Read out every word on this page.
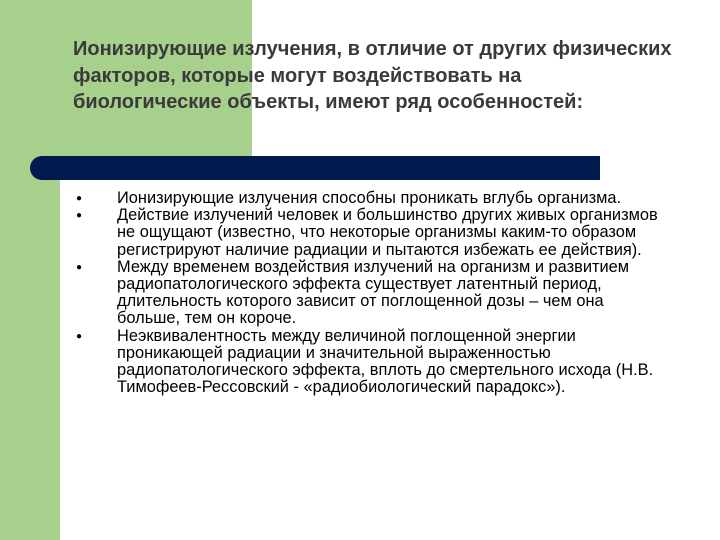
Ионизирующие излучения, в отличие от других физических факторов, которые могут воздействовать на биологические объекты, имеют ряд особенностей:
●
Ионизирующие излучения способны проникать вглубь организма.
●
Действие излучений человек и большинство других живых организмов не ощущают (известно, что некоторые организмы каким-то образом регистрируют наличие радиации и пытаются избежать ее действия).
●
Между временем воздействия излучений на организм и развитием радиопатологического эффекта существует латентный период, длительность которого зависит от поглощенной дозы – чем она больше, тем он короче.
●
Неэквивалентность между величиной поглощенной энергии проникающей радиации и значительной выраженностью радиопатологического эффекта, вплоть до смертельного исхода (Н.В. Тимофеев-Рессовский - «радиобиологический парадокс»).
